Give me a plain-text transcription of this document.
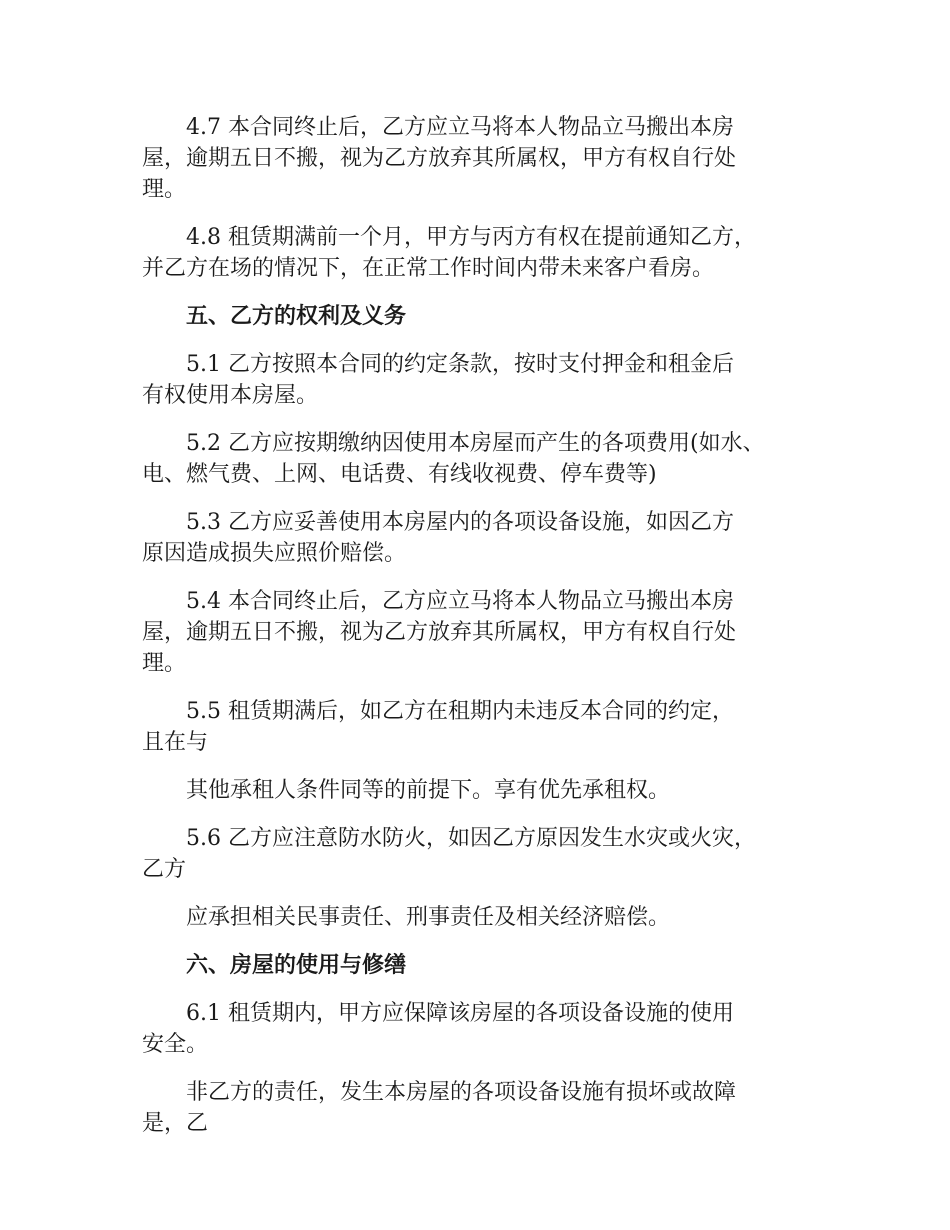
4.7 本合同终止后，乙方应立马将本人物品立马搬出本房
屋，逾期五日不搬，视为乙方放弃其所属权，甲方有权自行处
理。

4.8 租赁期满前一个月，甲方与丙方有权在提前通知乙方，
并乙方在场的情况下，在正常工作时间内带未来客户看房。

五、乙方的权利及义务

5.1 乙方按照本合同的约定条款，按时支付押金和租金后
有权使用本房屋。

5.2 乙方应按期缴纳因使用本房屋而产生的各项费用(如水、
电、燃气费、上网、电话费、有线收视费、停车费等)

5.3 乙方应妥善使用本房屋内的各项设备设施，如因乙方
原因造成损失应照价赔偿。

5.4 本合同终止后，乙方应立马将本人物品立马搬出本房
屋，逾期五日不搬，视为乙方放弃其所属权，甲方有权自行处
理。

5.5 租赁期满后，如乙方在租期内未违反本合同的约定，
且在与

其他承租人条件同等的前提下。享有优先承租权。

5.6 乙方应注意防水防火，如因乙方原因发生水灾或火灾，
乙方

应承担相关民事责任、刑事责任及相关经济赔偿。

六、房屋的使用与修缮

6.1 租赁期内，甲方应保障该房屋的各项设备设施的使用
安全。

非乙方的责任，发生本房屋的各项设备设施有损坏或故障
是，乙
